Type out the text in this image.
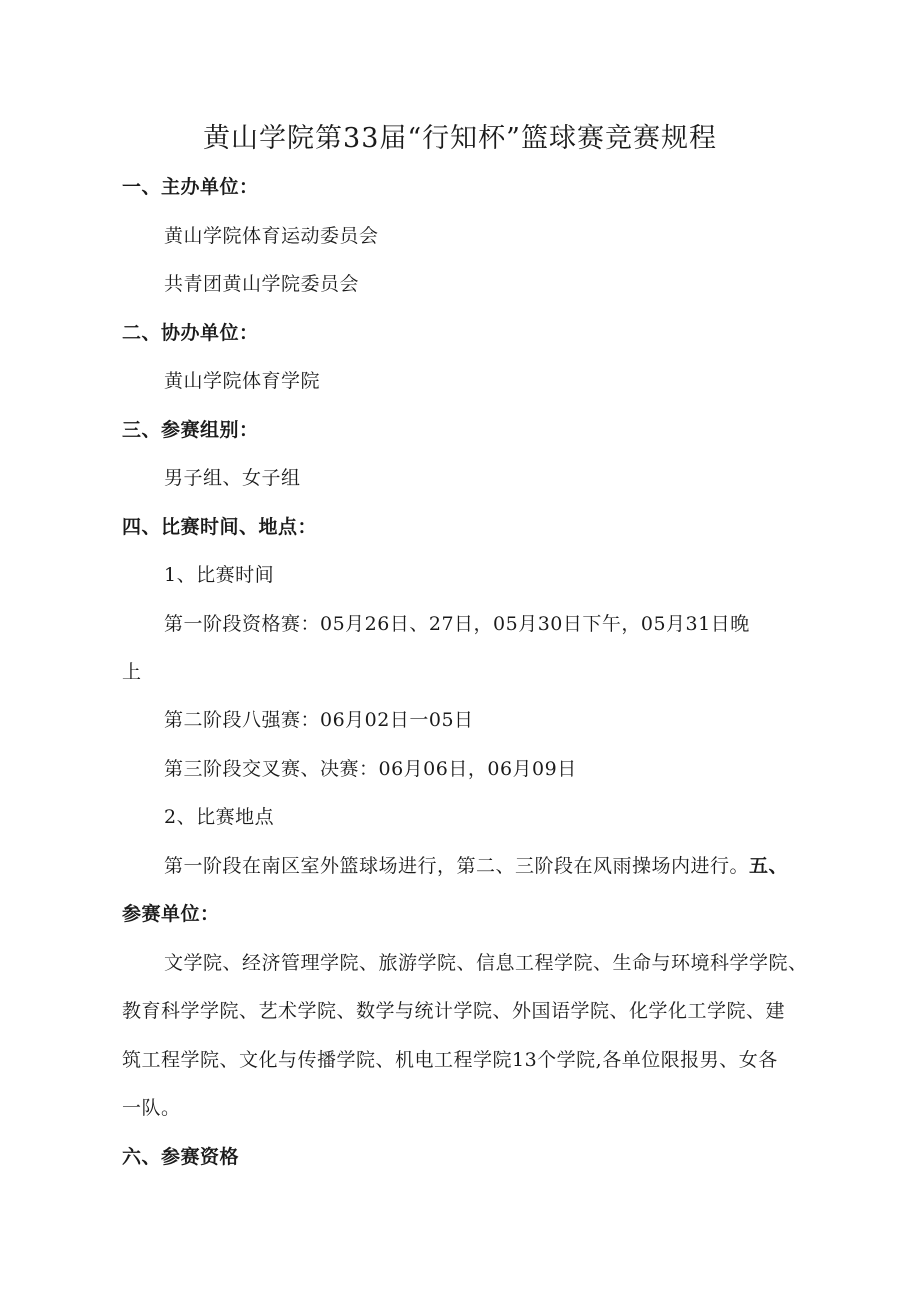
黄山学院第33届“行知杯”篮球赛竞赛规程
一、主办单位：
黄山学院体育运动委员会
共青团黄山学院委员会
二、协办单位：
黄山学院体育学院
三、参赛组别：
男子组、女子组
四、比赛时间、地点：
1、比赛时间
第一阶段资格赛：05月26日、27日，05月30日下午，05月31日晚
上
第二阶段八强赛：06月02日一05日
第三阶段交叉赛、决赛：06月06日，06月09日
2、比赛地点
第一阶段在南区室外篮球场进行，第二、三阶段在风雨操场内进行。五、
参赛单位：
文学院、经济管理学院、旅游学院、信息工程学院、生命与环境科学学院、
教育科学学院、艺术学院、数学与统计学院、外国语学院、化学化工学院、建
筑工程学院、文化与传播学院、机电工程学院13个学院,各单位限报男、女各
一队。
六、参赛资格
